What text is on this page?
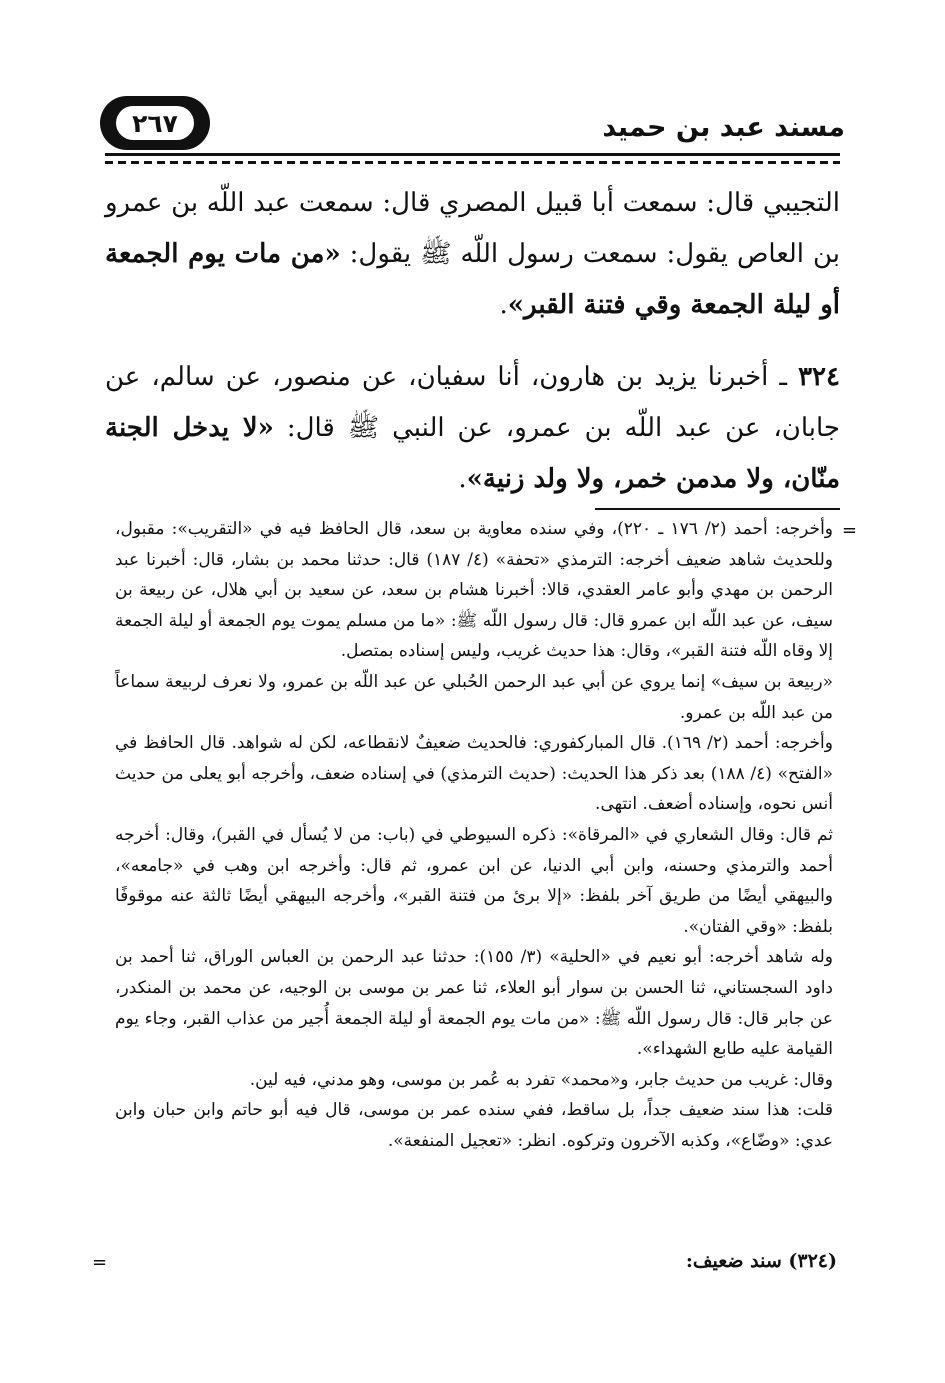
مسند عبد بن حميد
٢٦٧

التجيبي قال: سمعت أبا قبيل المصري قال: سمعت عبد اللّه بن عمرو بن العاص يقول: سمعت رسول اللّه ﷺ يقول: «من مات يوم الجمعة أو ليلة الجمعة وقي فتنة القبر».

٣٢٤ ـ أخبرنا يزيد بن هارون، أنا سفيان، عن منصور، عن سالم، عن جابان، عن عبد اللّه بن عمرو، عن النبي ﷺ قال: «لا يدخل الجنة منّان، ولا مدمن خمر، ولا ولد زنية».

=

وأخرجه: أحمد (٢/ ١٧٦ ـ ٢٢٠)، وفي سنده معاوية بن سعد، قال الحافظ فيه في «التقريب»: مقبول، وللحديث شاهد ضعيف أخرجه: الترمذي «تحفة» (٤/ ١٨٧) قال: حدثنا محمد بن بشار، قال: أخبرنا عبد الرحمن بن مهدي وأبو عامر العقدي، قالا: أخبرنا هشام بن سعد، عن سعيد بن أبي هلال، عن ربيعة بن سيف، عن عبد اللّه ابن عمرو قال: قال رسول اللّه ﷺ: «ما من مسلم يموت يوم الجمعة أو ليلة الجمعة إلا وقاه اللّه فتنة القبر»، وقال: هذا حديث غريب، وليس إسناده بمتصل.

«ربيعة بن سيف» إنما يروي عن أبي عبد الرحمن الحُبلي عن عبد اللّه بن عمرو، ولا نعرف لربيعة سماعاً من عبد اللّه بن عمرو.

وأخرجه: أحمد (٢/ ١٦٩). قال المباركفوري: فالحديث ضعيفٌ لانقطاعه، لكن له شواهد. قال الحافظ في «الفتح» (٤/ ١٨٨) بعد ذكر هذا الحديث: (حديث الترمذي) في إسناده ضعف، وأخرجه أبو يعلى من حديث أنس نحوه، وإسناده أضعف. انتهى.

ثم قال: وقال الشعاري في «المرقاة»: ذكره السيوطي في (باب: من لا يُسأل في القبر)، وقال: أخرجه أحمد والترمذي وحسنه، وابن أبي الدنيا، عن ابن عمرو، ثم قال: وأخرجه ابن وهب في «جامعه»، والبيهقي أيضًا من طريق آخر بلفظ: «إلا برئ من فتنة القبر»، وأخرجه البيهقي أيضًا ثالثة عنه موقوفًا بلفظ: «وقي الفتان».

وله شاهد أخرجه: أبو نعيم في «الحلية» (٣/ ١٥٥): حدثنا عبد الرحمن بن العباس الوراق، ثنا أحمد بن داود السجستاني، ثنا الحسن بن سوار أبو العلاء، ثنا عمر بن موسى بن الوجيه، عن محمد بن المنكدر، عن جابر قال: قال رسول اللّه ﷺ: «من مات يوم الجمعة أو ليلة الجمعة أُجير من عذاب القبر، وجاء يوم القيامة عليه طابع الشهداء».

وقال: غريب من حديث جابر، و«محمد» تفرد به عُمر بن موسى، وهو مدني، فيه لين.

قلت: هذا سند ضعيف جداً، بل ساقط، ففي سنده عمر بن موسى، قال فيه أبو حاتم وابن حبان وابن عدي: «وضّاع»، وكذبه الآخرون وتركوه. انظر: «تعجيل المنفعة».

(٣٢٤) سند ضعيف:
=
